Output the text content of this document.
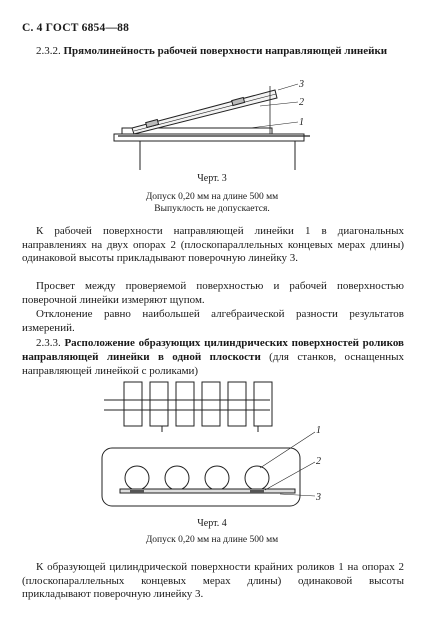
С. 4 ГОСТ 6854—88
2.3.2. Прямолинейность рабочей поверхности направляющей линейки
3
2
1
Черт. 3
Допуск 0,20 мм на длине 500 мм
Выпуклость не допускается.
К рабочей поверхности направляющей линейки 1 в диагональных направлениях на двух опорах 2 (плоскопараллельных концевых мерах длины) одинаковой высоты прикладывают поверочную линейку 3.
Просвет между проверяемой поверхностью и рабочей поверхностью поверочной линейки измеряют щупом.
Отклонение равно наибольшей алгебраической разности результатов измерений.
2.3.3. Расположение образующих цилиндрических поверхностей роликов направляющей линейки в одной плоскости (для станков, оснащенных направляющей линейкой с роликами)
1
2
3
Черт. 4
Допуск 0,20 мм на длине 500 мм
К образующей цилиндрической поверхности крайних роликов 1 на опорах 2 (плоскопараллельных концевых мерах длины) одинаковой высоты прикладывают поверочную линейку 3.
